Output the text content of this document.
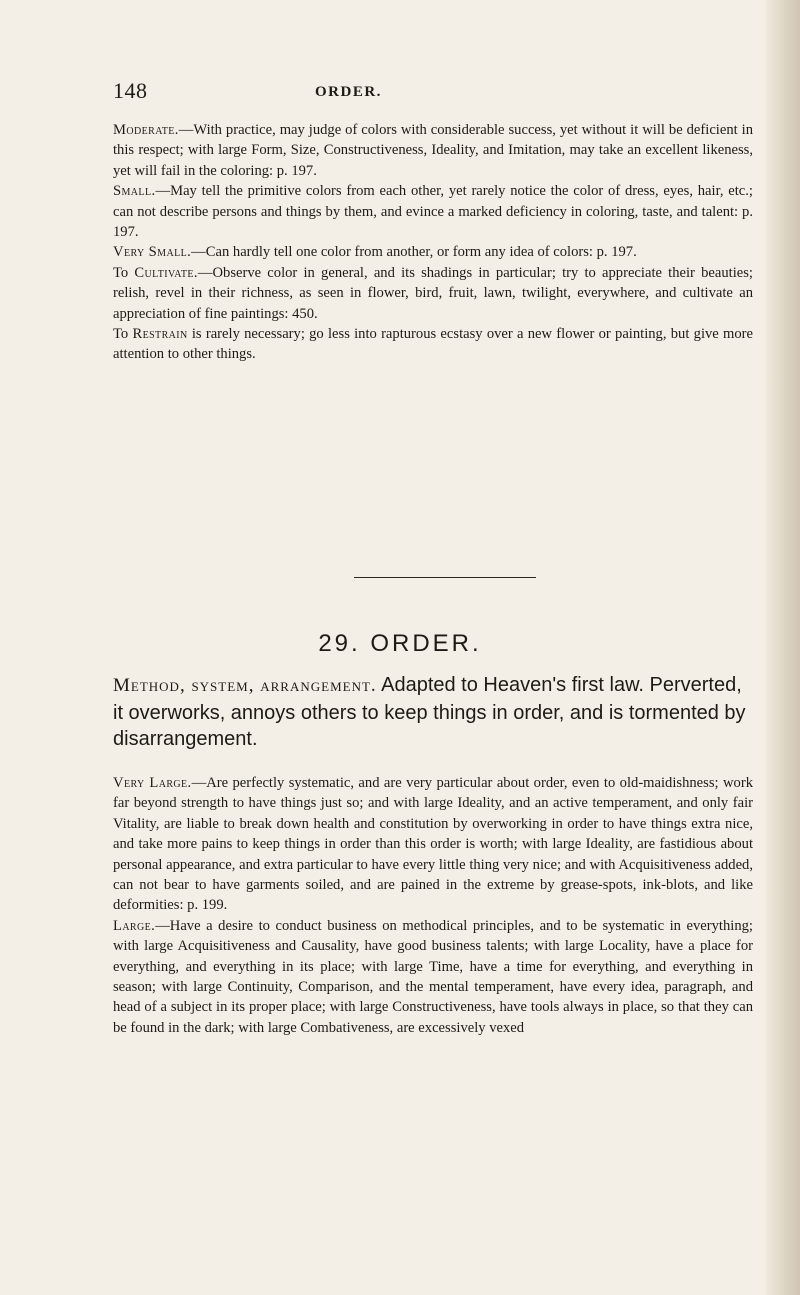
148	ORDER.

Moderate.—With practice, may judge of colors with considerable success, yet without it will be deficient in this respect; with large Form, Size, Constructiveness, Ideality, and Imitation, may take an excellent likeness, yet will fail in the coloring: p. 197.

Small.—May tell the primitive colors from each other, yet rarely notice the color of dress, eyes, hair, etc.; can not describe persons and things by them, and evince a marked deficiency in coloring, taste, and talent: p. 197.

Very Small.—Can hardly tell one color from another, or form any idea of colors: p. 197.

To Cultivate.—Observe color in general, and its shadings in particular; try to appreciate their beauties; relish, revel in their richness, as seen in flower, bird, fruit, lawn, twilight, everywhere, and cultivate an appreciation of fine paintings: 450.

To Restrain is rarely necessary; go less into rapturous ecstasy over a new flower or painting, but give more attention to other things.

29. ORDER.

Method, system, arrangement. Adapted to Heaven's first law. Perverted, it overworks, annoys others to keep things in order, and is tormented by disarrangement.

Very Large.—Are perfectly systematic, and are very particular about order, even to old-maidishness; work far beyond strength to have things just so; and with large Ideality, and an active temperament, and only fair Vitality, are liable to break down health and constitution by overworking in order to have things extra nice, and take more pains to keep things in order than this order is worth; with large Ideality, are fastidious about personal appearance, and extra particular to have every little thing very nice; and with Acquisitiveness added, can not bear to have garments soiled, and are pained in the extreme by grease-spots, ink-blots, and like deformities: p. 199.

Large.—Have a desire to conduct business on methodical principles, and to be systematic in everything; with large Acquisitiveness and Causality, have good business talents; with large Locality, have a place for everything, and everything in its place; with large Time, have a time for everything, and everything in season; with large Continuity, Comparison, and the mental temperament, have every idea, paragraph, and head of a subject in its proper place; with large Constructiveness, have tools always in place, so that they can be found in the dark; with large Combativeness, are excessively vexed
